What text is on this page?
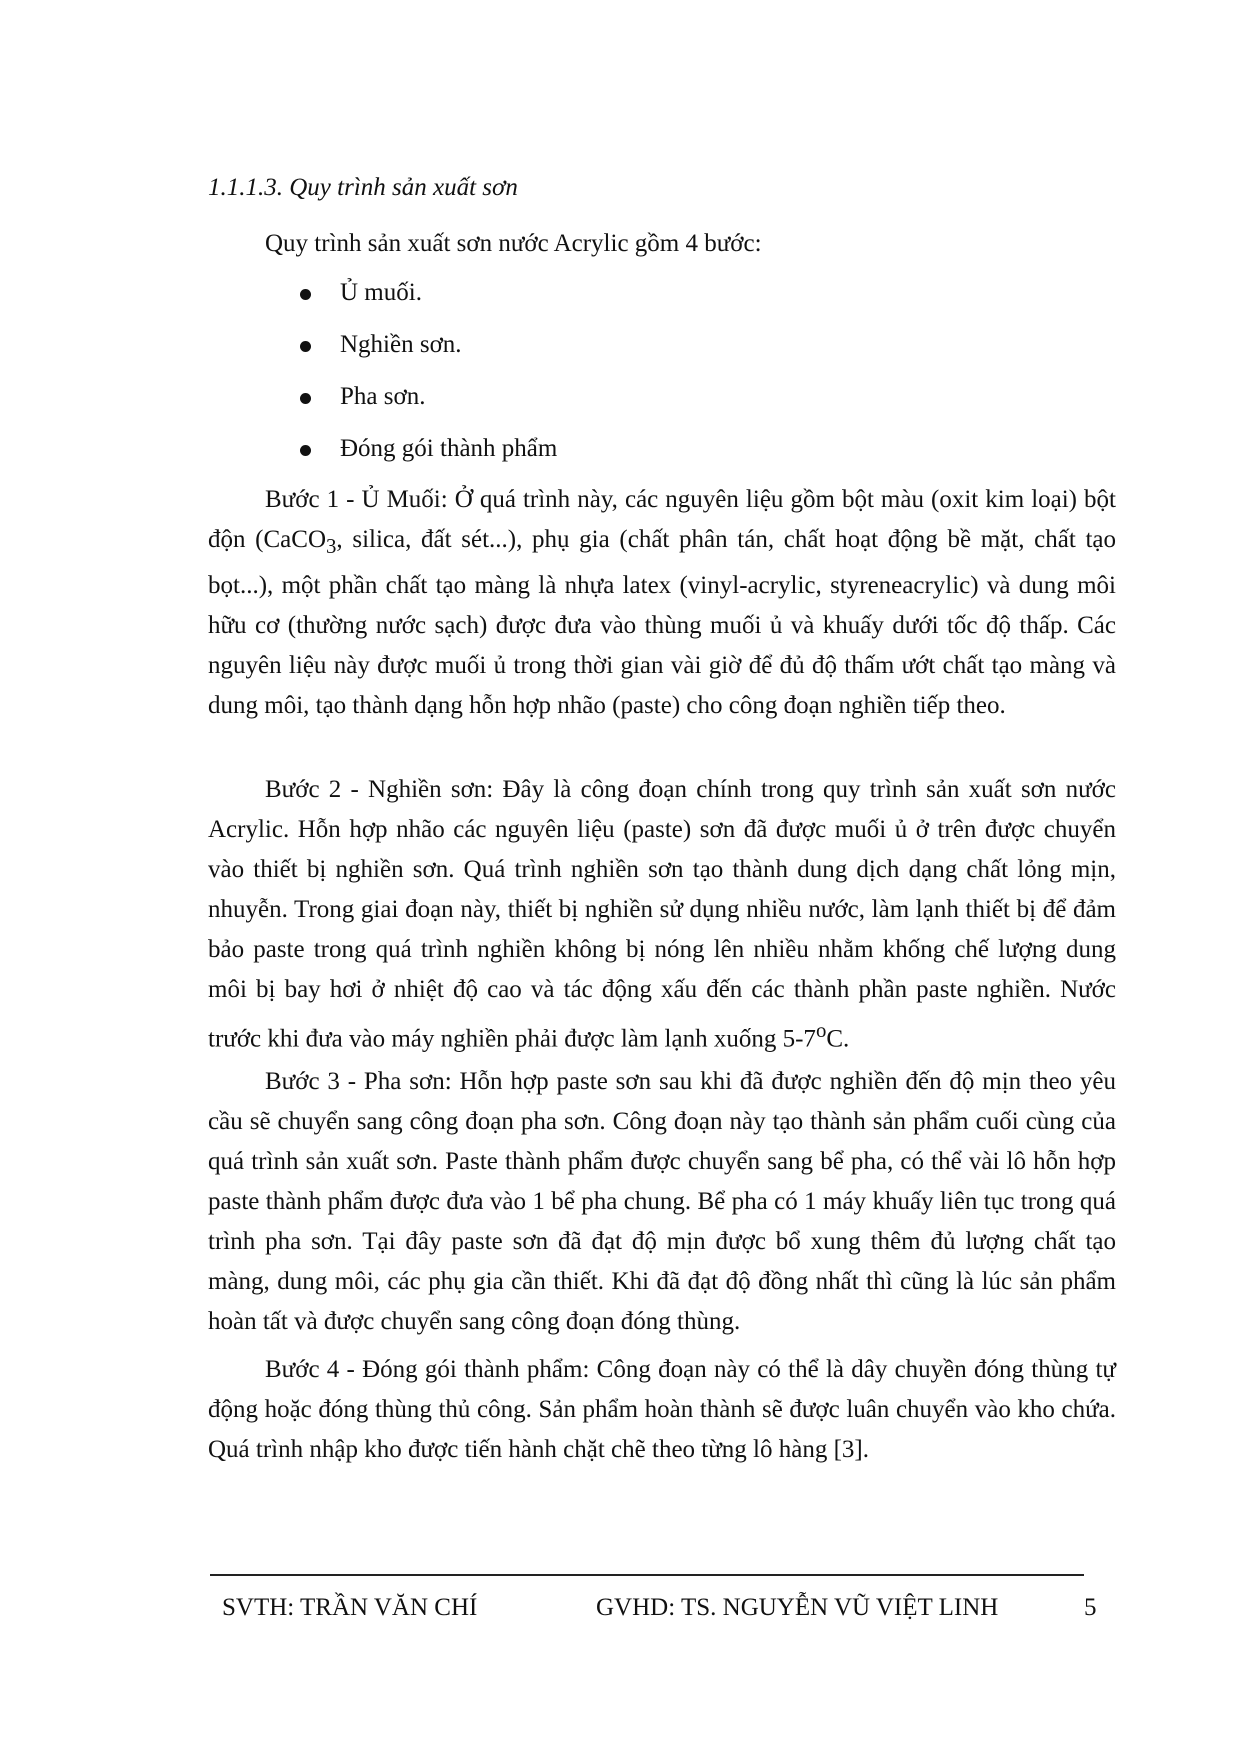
1.1.1.3. Quy trình sản xuất sơn

Quy trình sản xuất sơn nước Acrylic gồm 4 bước:

Ủ muối.
Nghiền sơn.
Pha sơn.
Đóng gói thành phẩm

Bước 1 - Ủ Muối: Ở quá trình này, các nguyên liệu gồm bột màu (oxit kim loại) bột độn (CaCO$_3$, silica, đất sét...), phụ gia (chất phân tán, chất hoạt động bề mặt, chất tạo bọt...), một phần chất tạo màng là nhựa latex (vinyl-acrylic, styreneacrylic) và dung môi hữu cơ (thường nước sạch) được đưa vào thùng muối ủ và khuấy dưới tốc độ thấp. Các nguyên liệu này được muối ủ trong thời gian vài giờ để đủ độ thấm ướt chất tạo màng và dung môi, tạo thành dạng hỗn hợp nhão (paste) cho công đoạn nghiền tiếp theo.

Bước 2 - Nghiền sơn: Đây là công đoạn chính trong quy trình sản xuất sơn nước Acrylic. Hỗn hợp nhão các nguyên liệu (paste) sơn đã được muối ủ ở trên được chuyển vào thiết bị nghiền sơn. Quá trình nghiền sơn tạo thành dung dịch dạng chất lỏng mịn, nhuyễn. Trong giai đoạn này, thiết bị nghiền sử dụng nhiều nước, làm lạnh thiết bị để đảm bảo paste trong quá trình nghiền không bị nóng lên nhiều nhằm khống chế lượng dung môi bị bay hơi ở nhiệt độ cao và tác động xấu đến các thành phần paste nghiền. Nước trước khi đưa vào máy nghiền phải được làm lạnh xuống 5-7$^o$C.

Bước 3 - Pha sơn: Hỗn hợp paste sơn sau khi đã được nghiền đến độ mịn theo yêu cầu sẽ chuyển sang công đoạn pha sơn. Công đoạn này tạo thành sản phẩm cuối cùng của quá trình sản xuất sơn. Paste thành phẩm được chuyển sang bể pha, có thể vài lô hỗn hợp paste thành phẩm được đưa vào 1 bể pha chung. Bể pha có 1 máy khuấy liên tục trong quá trình pha sơn. Tại đây paste sơn đã đạt độ mịn được bổ xung thêm đủ lượng chất tạo màng, dung môi, các phụ gia cần thiết. Khi đã đạt độ đồng nhất thì cũng là lúc sản phẩm hoàn tất và được chuyển sang công đoạn đóng thùng.

Bước 4 - Đóng gói thành phẩm: Công đoạn này có thể là dây chuyền đóng thùng tự động hoặc đóng thùng thủ công. Sản phẩm hoàn thành sẽ được luân chuyển vào kho chứa. Quá trình nhập kho được tiến hành chặt chẽ theo từng lô hàng [3].

SVTH: TRẦN VĂN CHÍ	GVHD: TS. NGUYỄN VŨ VIỆT LINH	5
